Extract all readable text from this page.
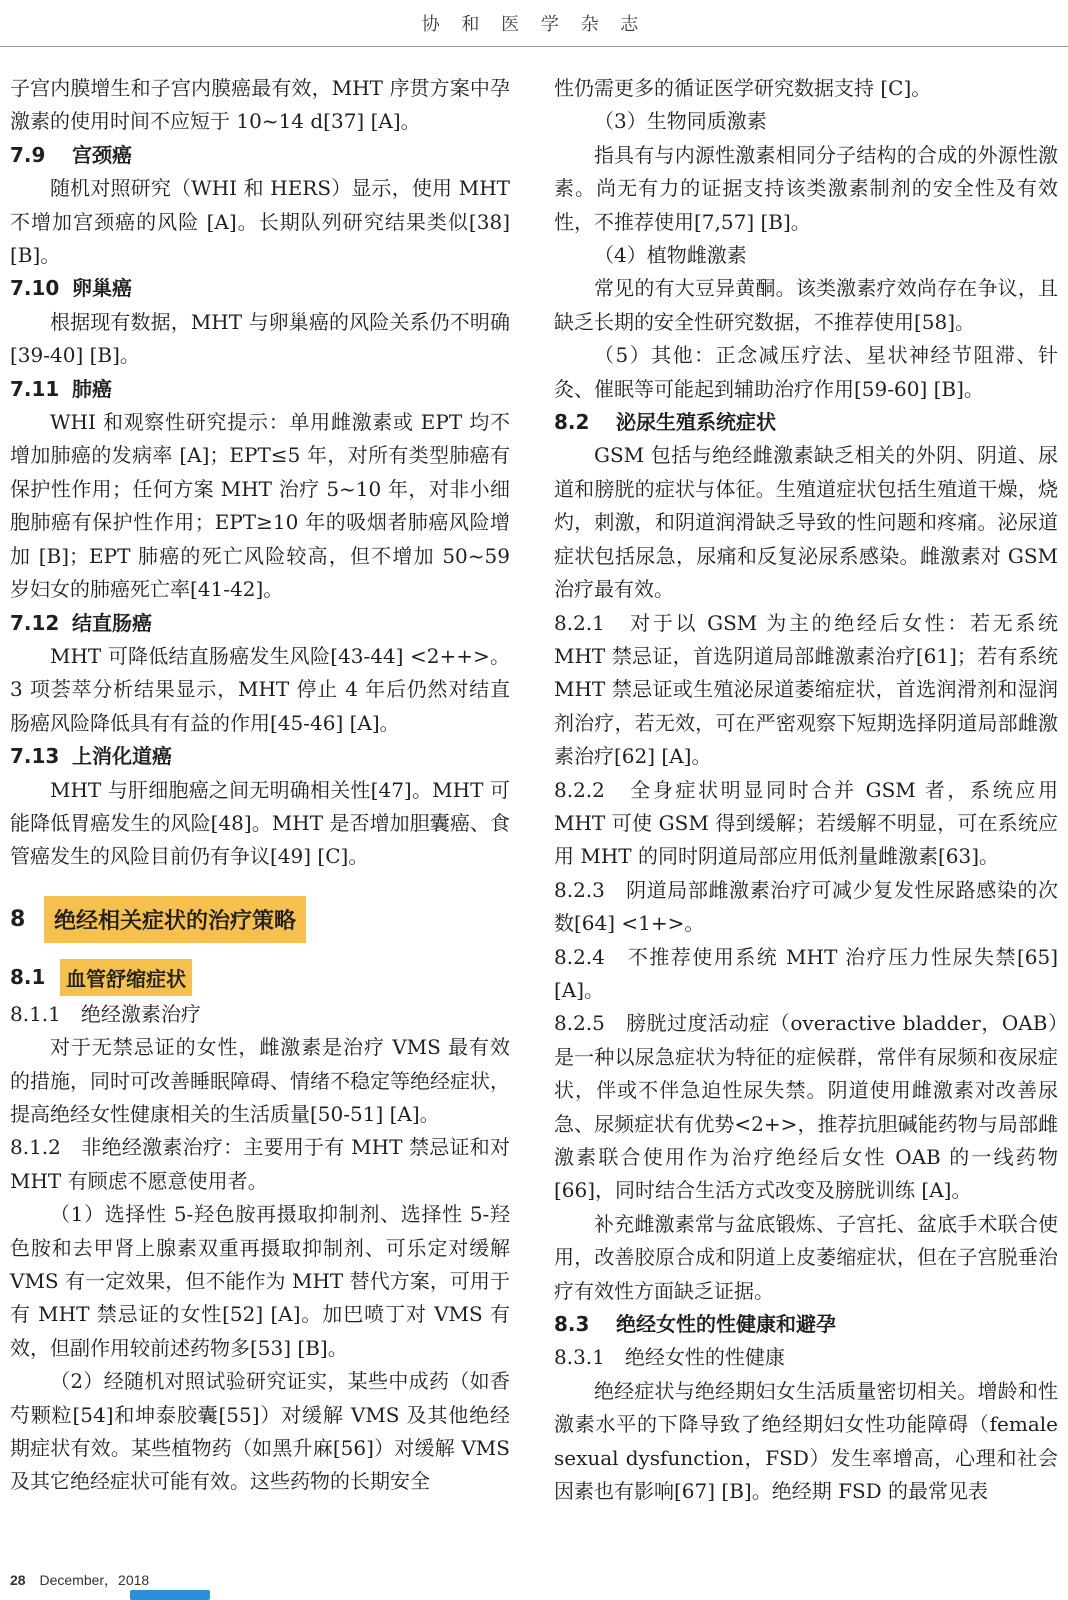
协 和 医 学 杂 志

子宫内膜增生和子宫内膜癌最有效，MHT 序贯方案中孕激素的使用时间不应短于 10~14 d[37] [A]。

7.9 宫颈癌

随机对照研究（WHI 和 HERS）显示，使用 MHT 不增加宫颈癌的风险 [A]。长期队列研究结果类似[38] [B]。

7.10 卵巢癌

根据现有数据，MHT 与卵巢癌的风险关系仍不明确[39-40] [B]。

7.11 肺癌

WHI 和观察性研究提示：单用雌激素或 EPT 均不增加肺癌的发病率 [A]；EPT≤5 年，对所有类型肺癌有保护性作用；任何方案 MHT 治疗 5~10 年，对非小细胞肺癌有保护性作用；EPT≥10 年的吸烟者肺癌风险增加 [B]；EPT 肺癌的死亡风险较高，但不增加 50~59 岁妇女的肺癌死亡率[41-42]。

7.12 结直肠癌

MHT 可降低结直肠癌发生风险[43-44] <2++>。3 项荟萃分析结果显示，MHT 停止 4 年后仍然对结直肠癌风险降低具有有益的作用[45-46] [A]。

7.13 上消化道癌

MHT 与肝细胞癌之间无明确相关性[47]。MHT 可能降低胃癌发生的风险[48]。MHT 是否增加胆囊癌、食管癌发生的风险目前仍有争议[49] [C]。

8	绝经相关症状的治疗策略
8.1	血管舒缩症状

8.1.1　绝经激素治疗

对于无禁忌证的女性，雌激素是治疗 VMS 最有效的措施，同时可改善睡眠障碍、情绪不稳定等绝经症状，提高绝经女性健康相关的生活质量[50-51] [A]。

8.1.2　非绝经激素治疗：主要用于有 MHT 禁忌证和对 MHT 有顾虑不愿意使用者。

（1）选择性 5-羟色胺再摄取抑制剂、选择性 5-羟色胺和去甲肾上腺素双重再摄取抑制剂、可乐定对缓解 VMS 有一定效果，但不能作为 MHT 替代方案，可用于有 MHT 禁忌证的女性[52] [A]。加巴喷丁对 VMS 有效，但副作用较前述药物多[53] [B]。

（2）经随机对照试验研究证实，某些中成药（如香芍颗粒[54]和坤泰胶囊[55]）对缓解 VMS 及其他绝经期症状有效。某些植物药（如黑升麻[56]）对缓解 VMS 及其它绝经症状可能有效。这些药物的长期安全

性仍需更多的循证医学研究数据支持 [C]。

（3）生物同质激素

指具有与内源性激素相同分子结构的合成的外源性激素。尚无有力的证据支持该类激素制剂的安全性及有效性，不推荐使用[7,57] [B]。

（4）植物雌激素

常见的有大豆异黄酮。该类激素疗效尚存在争议，且缺乏长期的安全性研究数据，不推荐使用[58]。

（5）其他：正念减压疗法、星状神经节阻滞、针灸、催眠等可能起到辅助治疗作用[59-60] [B]。

8.2 泌尿生殖系统症状

GSM 包括与绝经雌激素缺乏相关的外阴、阴道、尿道和膀胱的症状与体征。生殖道症状包括生殖道干燥，烧灼，刺激，和阴道润滑缺乏导致的性问题和疼痛。泌尿道症状包括尿急，尿痛和反复泌尿系感染。雌激素对 GSM 治疗最有效。

8.2.1　对于以 GSM 为主的绝经后女性：若无系统 MHT 禁忌证，首选阴道局部雌激素治疗[61]；若有系统 MHT 禁忌证或生殖泌尿道萎缩症状，首选润滑剂和湿润剂治疗，若无效，可在严密观察下短期选择阴道局部雌激素治疗[62] [A]。

8.2.2　全身症状明显同时合并 GSM 者，系统应用 MHT 可使 GSM 得到缓解；若缓解不明显，可在系统应用 MHT 的同时阴道局部应用低剂量雌激素[63]。

8.2.3　阴道局部雌激素治疗可减少复发性尿路感染的次数[64] <1+>。

8.2.4　不推荐使用系统 MHT 治疗压力性尿失禁[65] [A]。

8.2.5　膀胱过度活动症（overactive bladder，OAB）是一种以尿急症状为特征的症候群，常伴有尿频和夜尿症状，伴或不伴急迫性尿失禁。阴道使用雌激素对改善尿急、尿频症状有优势<2+>，推荐抗胆碱能药物与局部雌激素联合使用作为治疗绝经后女性 OAB 的一线药物[66]，同时结合生活方式改变及膀胱训练 [A]。

补充雌激素常与盆底锻炼、子宫托、盆底手术联合使用，改善胶原合成和阴道上皮萎缩症状，但在子宫脱垂治疗有效性方面缺乏证据。

8.3 绝经女性的性健康和避孕

8.3.1　绝经女性的性健康

绝经症状与绝经期妇女生活质量密切相关。增龄和性激素水平的下降导致了绝经期妇女性功能障碍（female sexual dysfunction，FSD）发生率增高，心理和社会因素也有影响[67] [B]。绝经期 FSD 的最常见表

28 December，2018
